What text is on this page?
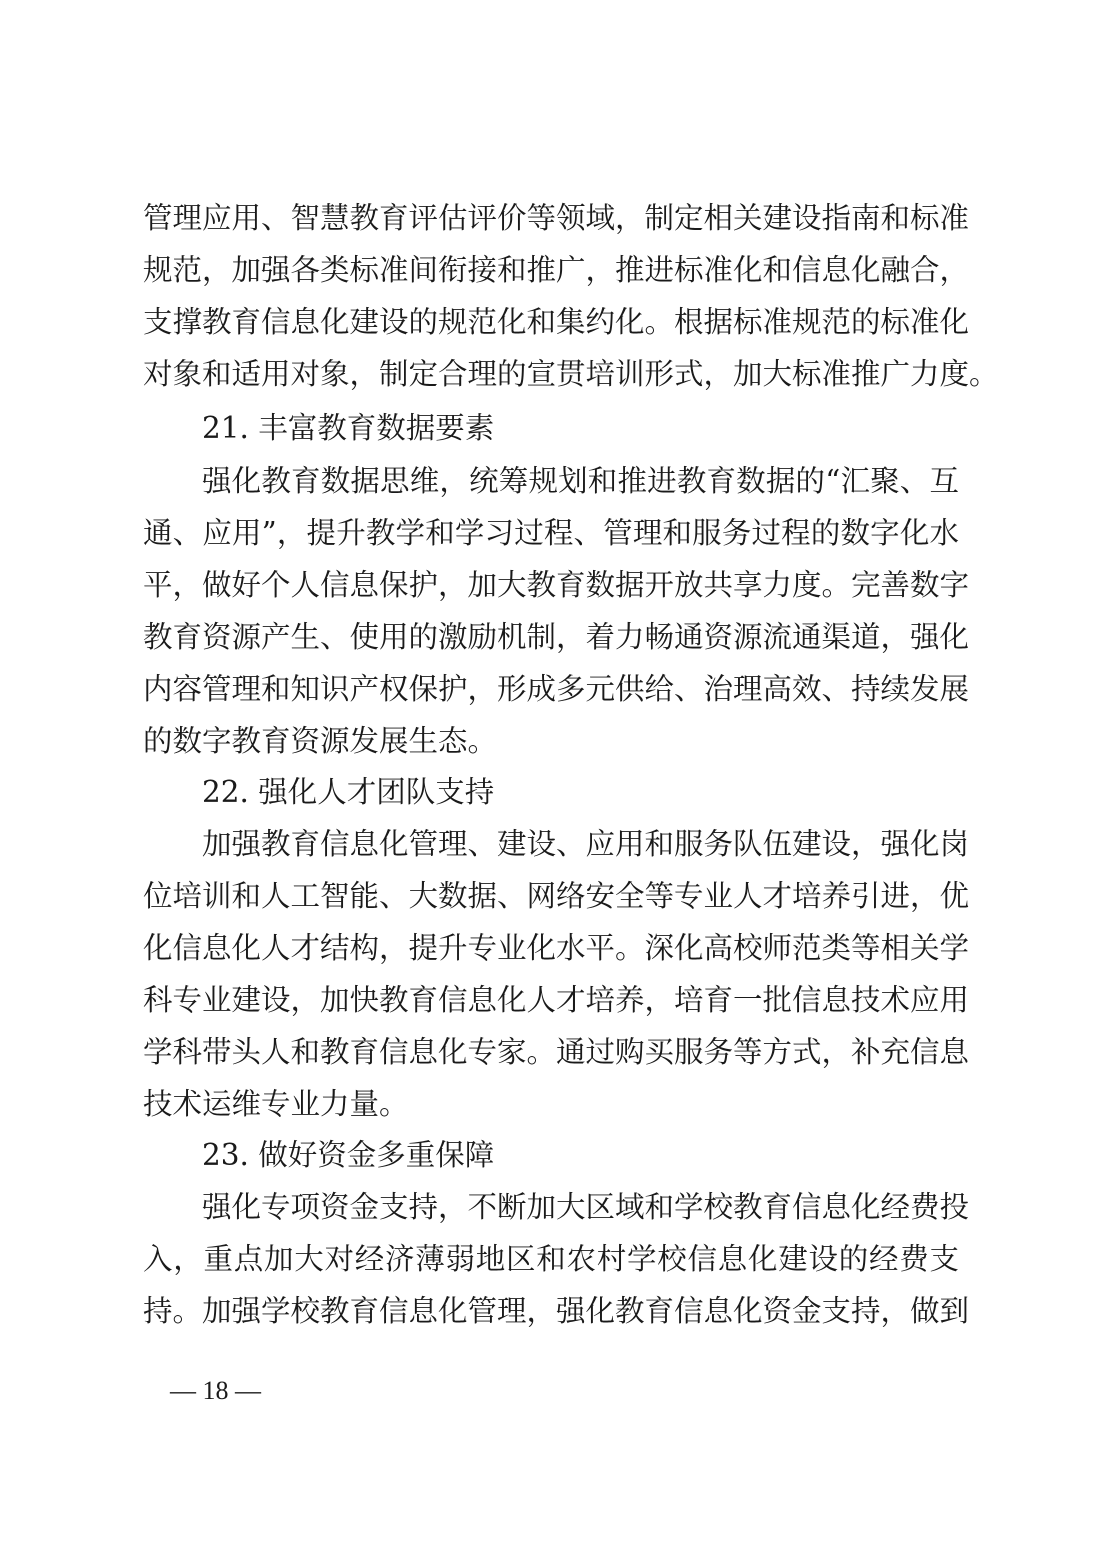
管理应用、智慧教育评估评价等领域，制定相关建设指南和标准
规范，加强各类标准间衔接和推广，推进标准化和信息化融合，
支撑教育信息化建设的规范化和集约化。根据标准规范的标准化
对象和适用对象，制定合理的宣贯培训形式，加大标准推广力度。
21. 丰富教育数据要素
强化教育数据思维，统筹规划和推进教育数据的“汇聚、互
通、应用”，提升教学和学习过程、管理和服务过程的数字化水
平，做好个人信息保护，加大教育数据开放共享力度。完善数字
教育资源产生、使用的激励机制，着力畅通资源流通渠道，强化
内容管理和知识产权保护，形成多元供给、治理高效、持续发展
的数字教育资源发展生态。
22. 强化人才团队支持
加强教育信息化管理、建设、应用和服务队伍建设，强化岗
位培训和人工智能、大数据、网络安全等专业人才培养引进，优
化信息化人才结构，提升专业化水平。深化高校师范类等相关学
科专业建设，加快教育信息化人才培养，培育一批信息技术应用
学科带头人和教育信息化专家。通过购买服务等方式，补充信息
技术运维专业力量。
23. 做好资金多重保障
强化专项资金支持，不断加大区域和学校教育信息化经费投
入，重点加大对经济薄弱地区和农村学校信息化建设的经费支
持。加强学校教育信息化管理，强化教育信息化资金支持，做到
— 18 —
